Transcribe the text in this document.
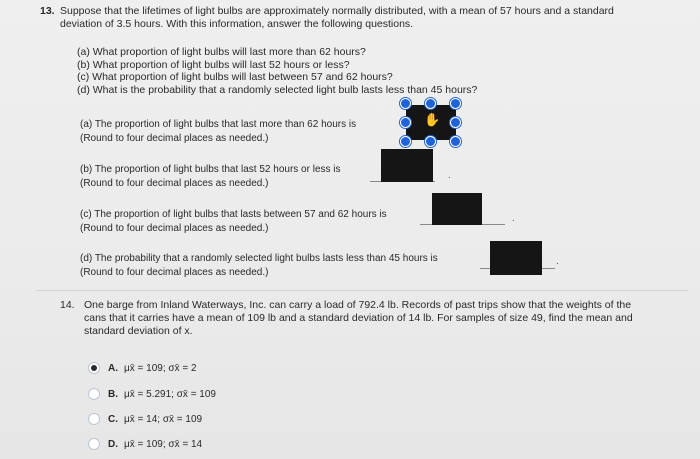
13. Suppose that the lifetimes of light bulbs are approximately normally distributed, with a mean of 57 hours and a standard
deviation of 3.5 hours. With this information, answer the following questions.
(a) What proportion of light bulbs will last more than 62 hours?
(b) What proportion of light bulbs will last 52 hours or less?
(c) What proportion of light bulbs will last between 57 and 62 hours?
(d) What is the probability that a randomly selected light bulb lasts less than 45 hours?
(a) The proportion of light bulbs that last more than 62 hours is
(Round to four decimal places as needed.)
✋
(b) The proportion of light bulbs that last 52 hours or less is
(Round to four decimal places as needed.)
.
(c) The proportion of light bulbs that lasts between 57 and 62 hours is
(Round to four decimal places as needed.)
.
(d) The probability that a randomly selected light bulbs lasts less than 45 hours is
(Round to four decimal places as needed.)
.
14. One barge from Inland Waterways, Inc. can carry a load of 792.4 lb. Records of past trips show that the weights of the
cans that it carries have a mean of 109 lb and a standard deviation of 14 lb. For samples of size 49, find the mean and
standard deviation of x.
A. μx̄ = 109; σx̄ = 2
B. μx̄ = 5.291; σx̄ = 109
C. μx̄ = 14; σx̄ = 109
D. μx̄ = 109; σx̄ = 14
